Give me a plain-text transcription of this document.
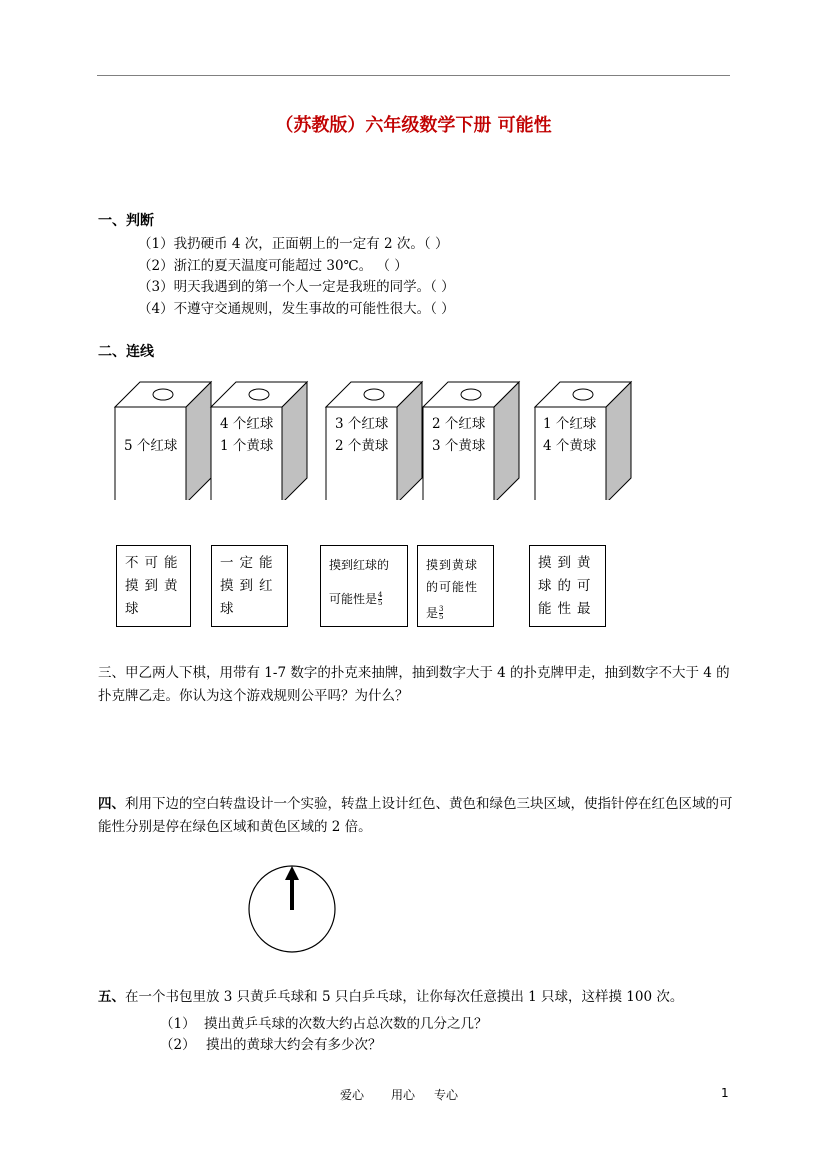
（苏教版）六年级数学下册 可能性
一、判断
（1）我扔硬币 4 次，正面朝上的一定有 2 次。（ ）
（2）浙江的夏天温度可能超过 30℃。 （ ）
（3）明天我遇到的第一个人一定是我班的同学。（ ）
（4）不遵守交通规则，发生事故的可能性很大。（ ）
二、连线
5 个红球
4 个红球
1 个黄球
3 个红球
2 个黄球
2 个红球
3 个黄球
1 个红球
4 个黄球
不可能摸到黄球
一定能摸到红球
摸到红球的
可能性是 $\frac{4}{5}$
摸到黄球
的可能性
是 $\frac{3}{5}$
摸到黄球的可能性最
三、甲乙两人下棋，用带有 1-7 数字的扑克来抽牌，抽到数字大于 4 的扑克牌甲走，抽到数字不大于 4 的扑克牌乙走。你认为这个游戏规则公平吗？为什么？
四、利用下边的空白转盘设计一个实验，转盘上设计红色、黄色和绿色三块区域，使指针停在红色区域的可能性分别是停在绿色区域和黄色区域的 2 倍。
五、在一个书包里放 3 只黄乒乓球和 5 只白乒乓球，让你每次任意摸出 1 只球，这样摸 100 次。
（1） 摸出黄乒乓球的次数大约占总次数的几分之几？
（2） 摸出的黄球大约会有多少次？
爱心 用心 专心	1
